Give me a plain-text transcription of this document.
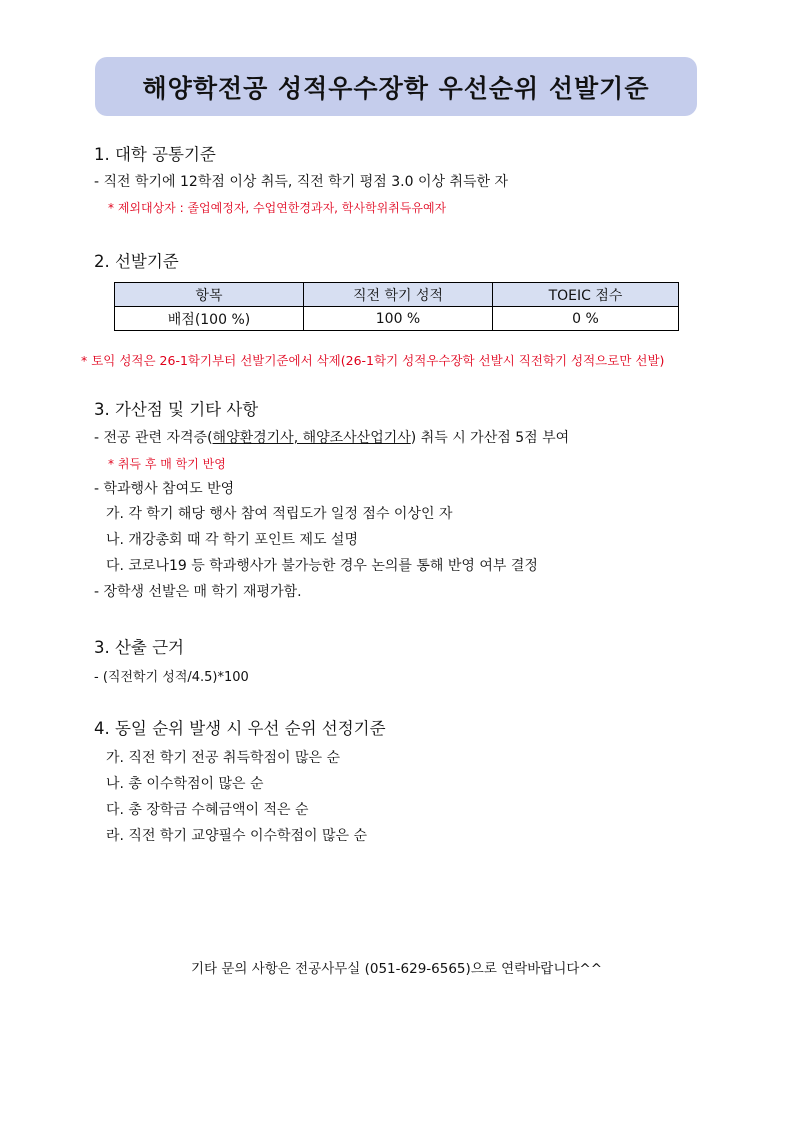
해양학전공 성적우수장학 우선순위 선발기준
1. 대학 공통기준
- 직전 학기에 12학점 이상 취득, 직전 학기 평점 3.0 이상 취득한 자
* 제외대상자 : 졸업예정자, 수업연한경과자, 학사학위취득유예자
2. 선발기준
항목	직전 학기 성적	TOEIC 점수
배점(100 %)	100 %	0 %
* 토익 성적은 26-1학기부터 선발기준에서 삭제(26-1학기 성적우수장학 선발시 직전학기 성적으로만 선발)
3. 가산점 및 기타 사항
- 전공 관련 자격증(해양환경기사, 해양조사산업기사) 취득 시 가산점 5점 부여
* 취득 후 매 학기 반영
- 학과행사 참여도 반영
가. 각 학기 해당 행사 참여 적립도가 일정 점수 이상인 자
나. 개강총회 때 각 학기 포인트 제도 설명
다. 코로나19 등 학과행사가 불가능한 경우 논의를 통해 반영 여부 결정
- 장학생 선발은 매 학기 재평가함.
3. 산출 근거
- (직전학기 성적/4.5)*100
4. 동일 순위 발생 시 우선 순위 선정기준
가. 직전 학기 전공 취득학점이 많은 순
나. 총 이수학점이 많은 순
다. 총 장학금 수혜금액이 적은 순
라. 직전 학기 교양필수 이수학점이 많은 순
기타 문의 사항은 전공사무실 (051-629-6565)으로 연락바랍니다^^
